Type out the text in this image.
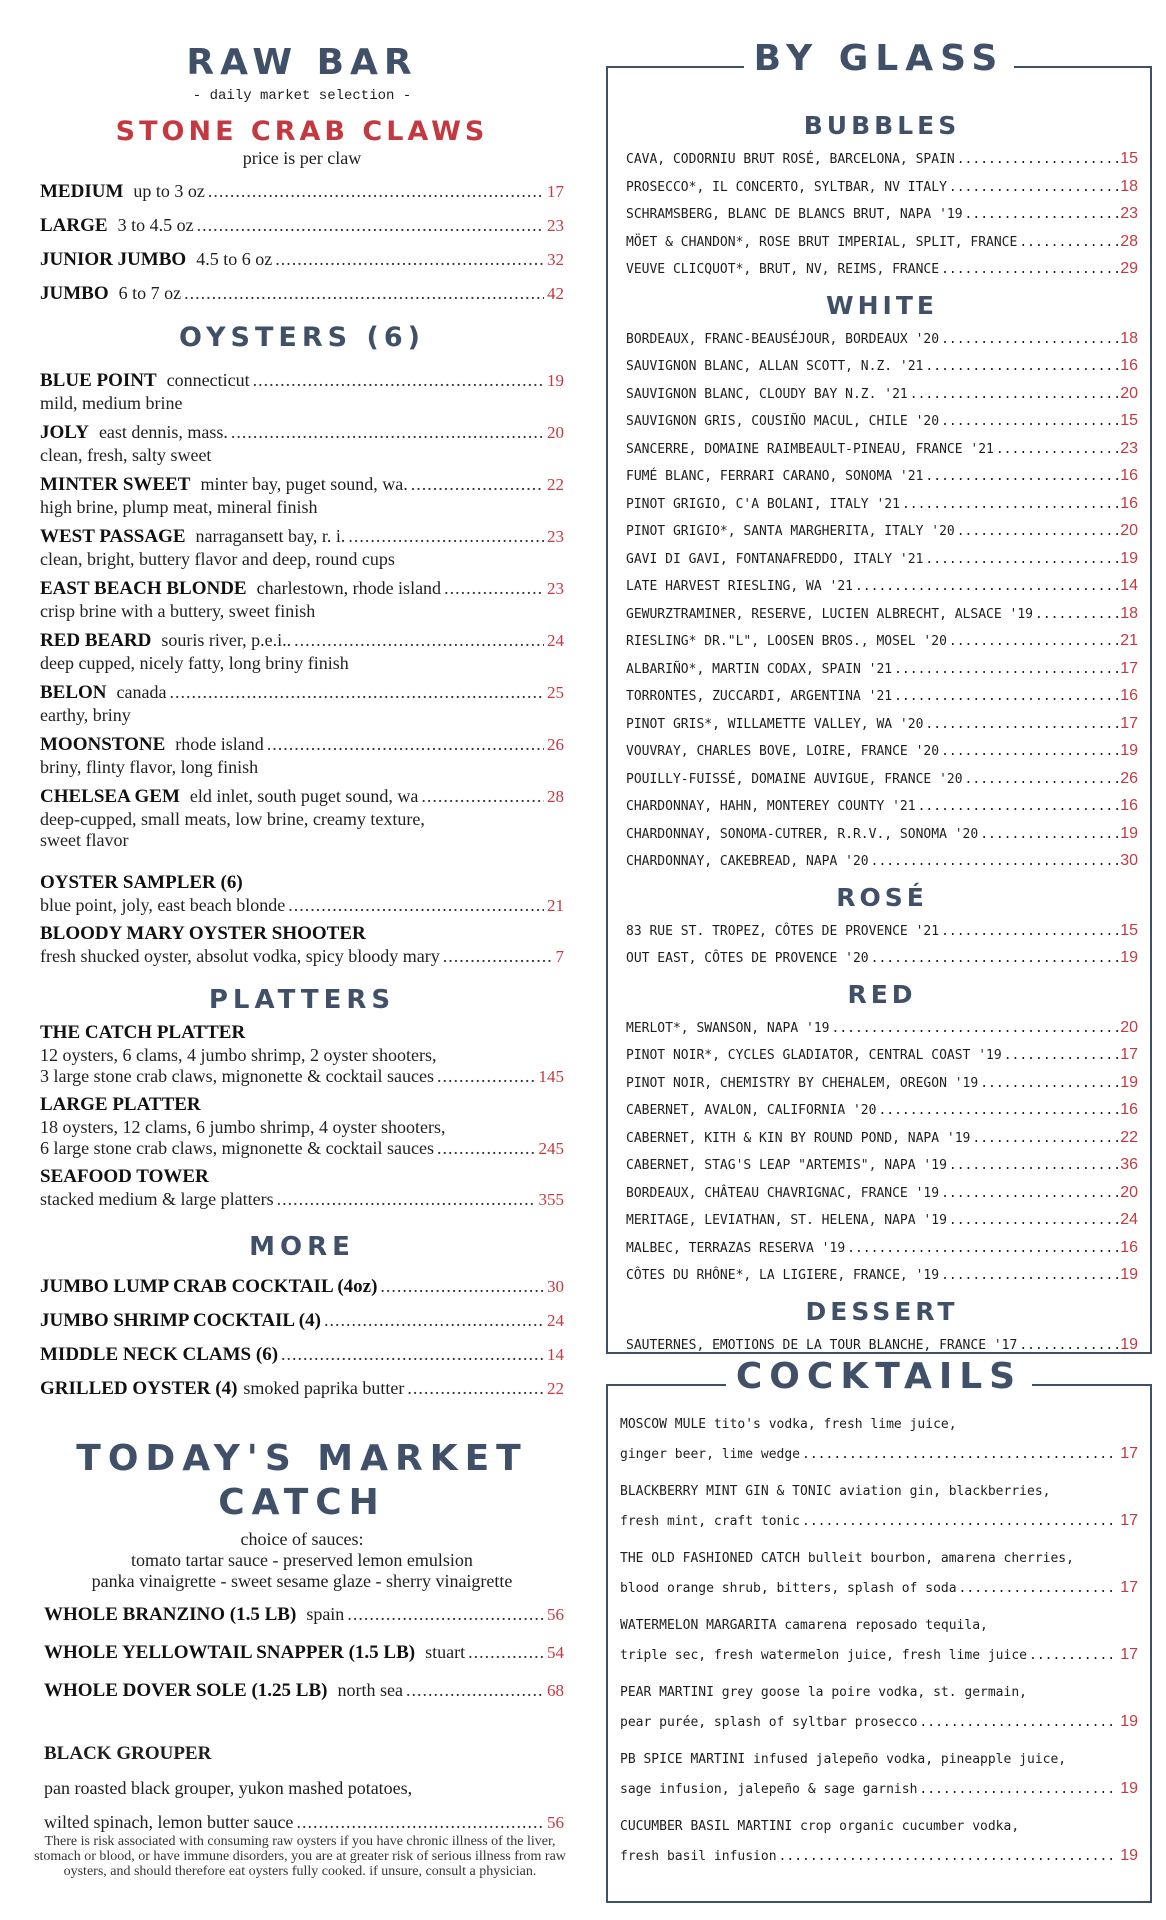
RAW BAR
- daily market selection -
STONE CRAB CLAWS
price is per claw
MEDIUM up to 3 oz .....	17
LARGE 3 to 4.5 oz .....	23
JUNIOR JUMBO 4.5 to 6 oz .....	32
JUMBO 6 to 7 oz .....	42
OYSTERS (6)
BLUE POINT connecticut .....	19
mild, medium brine
JOLY east dennis, mass. .....	20
clean, fresh, salty sweet
MINTER SWEET minter bay, puget sound, wa. .....	22
high brine, plump meat, mineral finish
WEST PASSAGE narragansett bay, r. i. .....	23
clean, bright, buttery flavor and deep, round cups
EAST BEACH BLONDE charlestown, rhode island .....	23
crisp brine with a buttery, sweet finish
RED BEARD souris river, p.e.i.. .....	24
deep cupped, nicely fatty, long briny finish
BELON canada .....	25
earthy, briny
MOONSTONE rhode island .....	26
briny, flinty flavor, long finish
CHELSEA GEM eld inlet, south puget sound, wa .....	28
deep-cupped, small meats, low brine, creamy texture,
sweet flavor
OYSTER SAMPLER (6)
blue point, joly, east beach blonde .....	21
BLOODY MARY OYSTER SHOOTER
fresh shucked oyster, absolut vodka, spicy bloody mary .....	7
PLATTERS
THE CATCH PLATTER
12 oysters, 6 clams, 4 jumbo shrimp, 2 oyster shooters,
3 large stone crab claws, mignonette & cocktail sauces .....	145
LARGE PLATTER
18 oysters, 12 clams, 6 jumbo shrimp, 4 oyster shooters,
6 large stone crab claws, mignonette & cocktail sauces .....	245
SEAFOOD TOWER
stacked medium & large platters .....	355
MORE
JUMBO LUMP CRAB COCKTAIL (4oz) .....	30
JUMBO SHRIMP COCKTAIL (4) .....	24
MIDDLE NECK CLAMS (6) .....	14
GRILLED OYSTER (4) smoked paprika butter .....	22
TODAY'S MARKET CATCH
choice of sauces:
tomato tartar sauce - preserved lemon emulsion
panka vinaigrette - sweet sesame glaze - sherry vinaigrette
WHOLE BRANZINO (1.5 LB) spain .....	56
WHOLE YELLOWTAIL SNAPPER (1.5 LB) stuart .....	54
WHOLE DOVER SOLE (1.25 LB) north sea .....	68
BLACK GROUPER
pan roasted black grouper, yukon mashed potatoes,
wilted spinach, lemon butter sauce .....	56
There is risk associated with consuming raw oysters if you have chronic illness of the liver, stomach or blood, or have immune disorders, you are at greater risk of serious illness from raw oysters, and should therefore eat oysters fully cooked. if unsure, consult a physician.
BY GLASS
BUBBLES
CAVA, CODORNIU BRUT ROSÉ, BARCELONA, SPAIN .....	15
PROSECCO*, IL CONCERTO, SYLTBAR, NV ITALY .....	18
SCHRAMSBERG, BLANC DE BLANCS BRUT, NAPA '19 .....	23
MÖET & CHANDON*, ROSE BRUT IMPERIAL, SPLIT, FRANCE .....	28
VEUVE CLICQUOT*, BRUT, NV, REIMS, FRANCE .....	29
WHITE
BORDEAUX, FRANC-BEAUSÉJOUR, BORDEAUX '20 .....	18
SAUVIGNON BLANC, ALLAN SCOTT, N.Z. '21 .....	16
SAUVIGNON BLANC, CLOUDY BAY N.Z. '21 .....	20
SAUVIGNON GRIS, COUSIÑO MACUL, CHILE '20 .....	15
SANCERRE, DOMAINE RAIMBEAULT-PINEAU, FRANCE '21 .....	23
FUMÉ BLANC, FERRARI CARANO, SONOMA '21 .....	16
PINOT GRIGIO, C'A BOLANI, ITALY '21 .....	16
PINOT GRIGIO*, SANTA MARGHERITA, ITALY '20 .....	20
GAVI DI GAVI, FONTANAFREDDO, ITALY '21 .....	19
LATE HARVEST RIESLING, WA '21 .....	14
GEWURZTRAMINER, RESERVE, LUCIEN ALBRECHT, ALSACE '19 .....	18
RIESLING* DR."L", LOOSEN BROS., MOSEL '20 .....	21
ALBARIÑO*, MARTIN CODAX, SPAIN '21 .....	17
TORRONTES, ZUCCARDI, ARGENTINA '21 .....	16
PINOT GRIS*, WILLAMETTE VALLEY, WA '20 .....	17
VOUVRAY, CHARLES BOVE, LOIRE, FRANCE '20 .....	19
POUILLY-FUISSÉ, DOMAINE AUVIGUE, FRANCE '20 .....	26
CHARDONNAY, HAHN, MONTEREY COUNTY '21 .....	16
CHARDONNAY, SONOMA-CUTRER, R.R.V., SONOMA '20 .....	19
CHARDONNAY, CAKEBREAD, NAPA '20 .....	30
ROSÉ
83 RUE ST. TROPEZ, CÔTES DE PROVENCE '21 .....	15
OUT EAST, CÔTES DE PROVENCE '20 .....	19
RED
MERLOT*, SWANSON, NAPA '19 .....	20
PINOT NOIR*, CYCLES GLADIATOR, CENTRAL COAST '19 .....	17
PINOT NOIR, CHEMISTRY BY CHEHALEM, OREGON '19 .....	19
CABERNET, AVALON, CALIFORNIA '20 .....	16
CABERNET, KITH & KIN BY ROUND POND, NAPA '19 .....	22
CABERNET, STAG'S LEAP "ARTEMIS", NAPA '19 .....	36
BORDEAUX, CHÂTEAU CHAVRIGNAC, FRANCE '19 .....	20
MERITAGE, LEVIATHAN, ST. HELENA, NAPA '19 .....	24
MALBEC, TERRAZAS RESERVA '19 .....	16
CÔTES DU RHÔNE*, LA LIGIERE, FRANCE, '19 .....	19
DESSERT
SAUTERNES, EMOTIONS DE LA TOUR BLANCHE, FRANCE '17 .....	19
COCKTAILS
MOSCOW MULE tito's vodka, fresh lime juice,
ginger beer, lime wedge .....	17
BLACKBERRY MINT GIN & TONIC aviation gin, blackberries,
fresh mint, craft tonic .....	17
THE OLD FASHIONED CATCH bulleit bourbon, amarena cherries,
blood orange shrub, bitters, splash of soda .....	17
WATERMELON MARGARITA camarena reposado tequila,
triple sec, fresh watermelon juice, fresh lime juice .....	17
PEAR MARTINI grey goose la poire vodka, st. germain,
pear purée, splash of syltbar prosecco .....	19
PB SPICE MARTINI infused jalepeño vodka, pineapple juice,
sage infusion, jalepeño & sage garnish .....	19
CUCUMBER BASIL MARTINI crop organic cucumber vodka,
fresh basil infusion .....	19
